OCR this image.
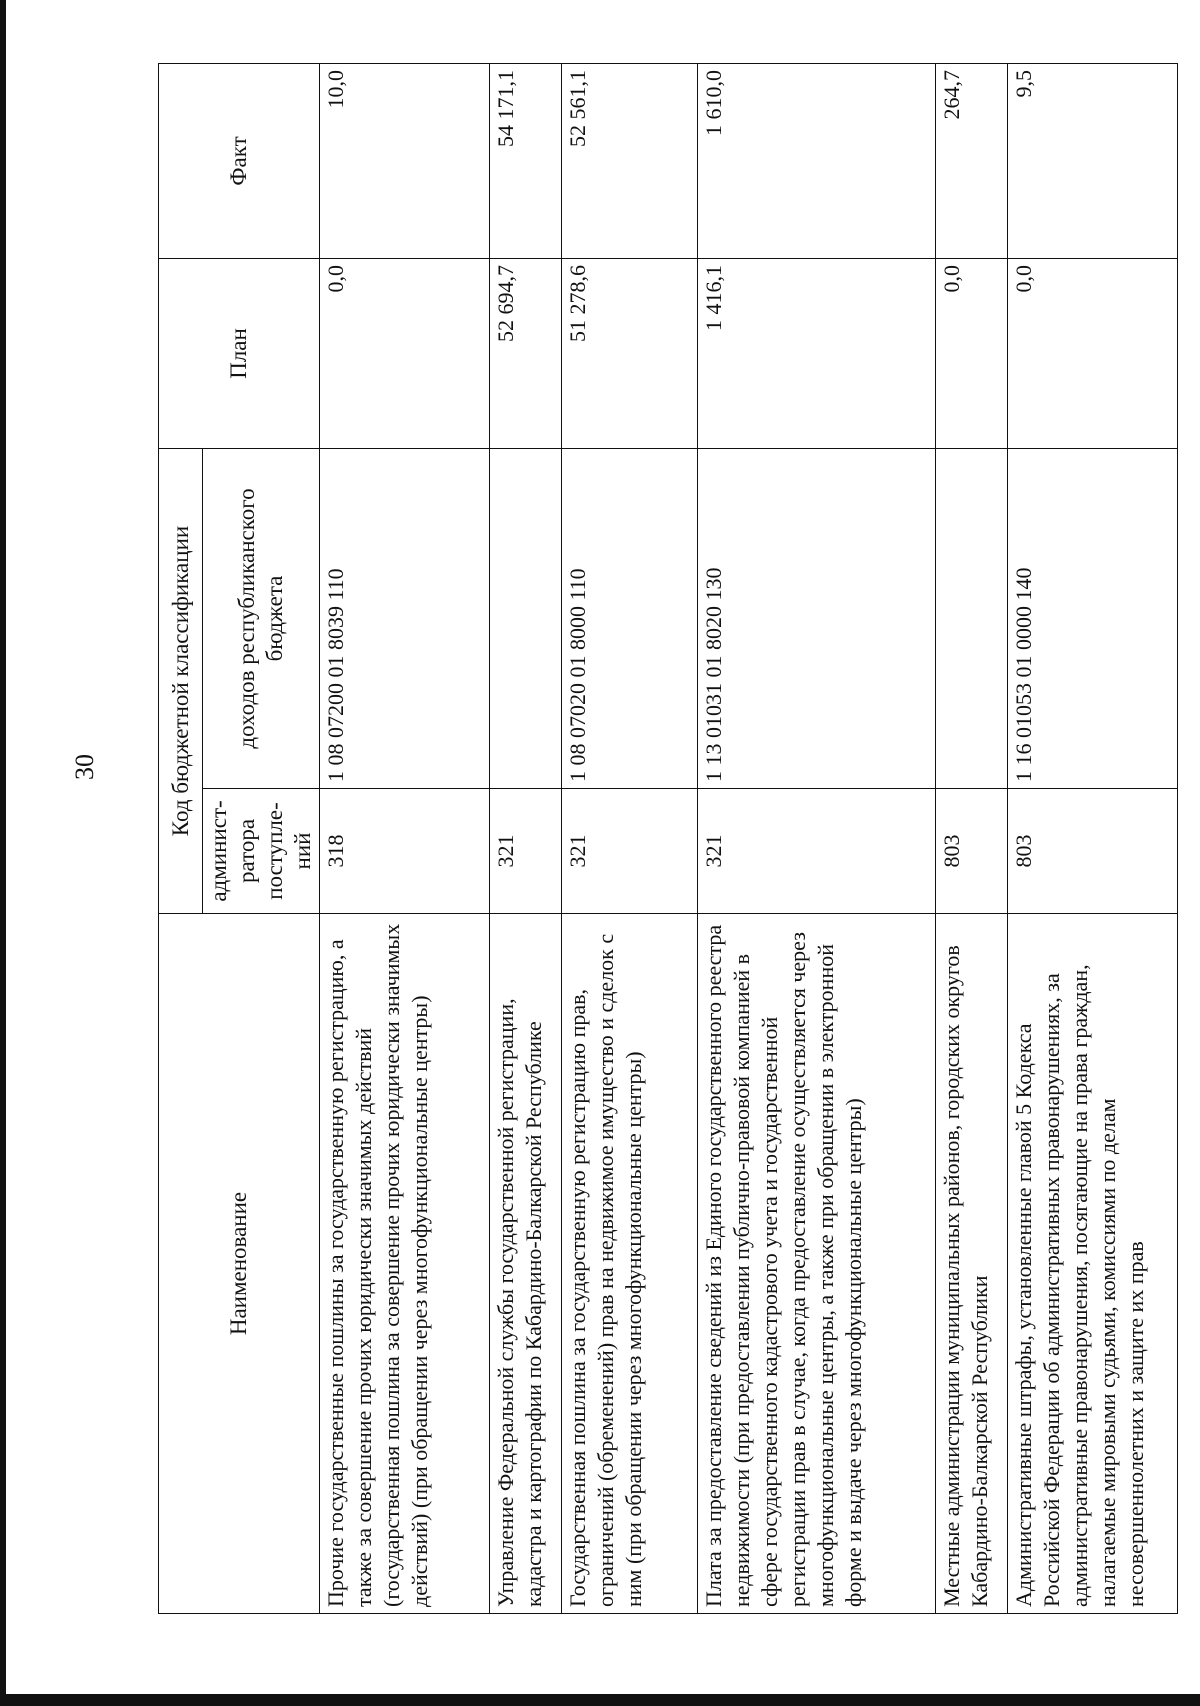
30
Наименование	Код бюджетной классификации		План	Факт
	админист-ратора поступле-ний	доходов республиканского бюджета		
Прочие государственные пошлины за государственную регистрацию, а также за совершение прочих юридически значимых действий (государственная пошлина за совершение прочих юридически значимых действий) (при обращении через многофункциональные центры)	318	1 08 07200 01 8039 110	0,0	10,0
Управление Федеральной службы государственной регистрации, кадастра и картографии по Кабардино-Балкарской Республике	321		52 694,7	54 171,1
Государственная пошлина за государственную регистрацию прав, ограничений (обременений) прав на недвижимое имущество и сделок с ним (при обращении через многофункциональные центры)	321	1 08 07020 01 8000 110	51 278,6	52 561,1
Плата за предоставление сведений из Единого государственного реестра недвижимости (при предоставлении публично-правовой компанией в сфере государственного кадастрового учета и государственной регистрации прав в случае, когда предоставление осуществляется через многофункциональные центры, а также при обращении в электронной форме и выдаче через многофункциональные центры)	321	1 13 01031 01 8020 130	1 416,1	1 610,0
Местные администрации муниципальных районов, городских округов Кабардино-Балкарской Республики	803		0,0	264,7
Административные штрафы, установленные главой 5 Кодекса Российской Федерации об административных правонарушениях, за административные правонарушения, посягающие на права граждан, налагаемые мировыми судьями, комиссиями по делам несовершеннолетних и защите их прав	803	1 16 01053 01 0000 140	0,0	9,5
